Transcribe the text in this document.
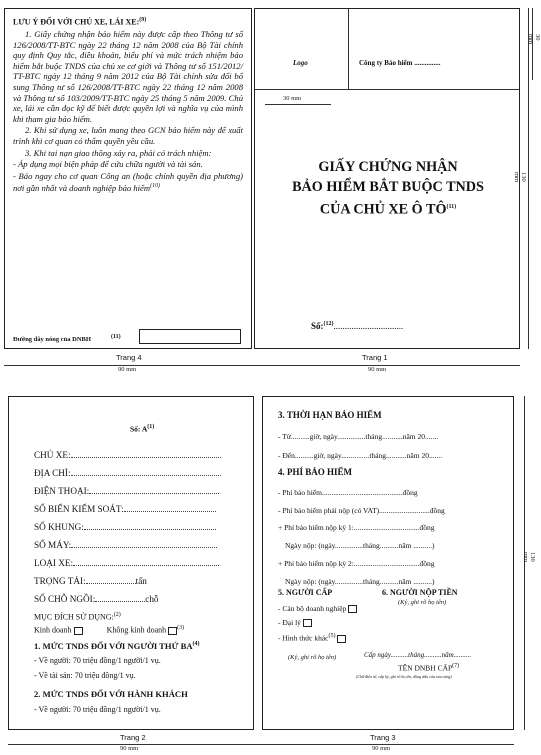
LƯU Ý ĐỐI VỚI CHỦ XE, LÁI XE:$^{(9)}$

1. Giấy chứng nhận bảo hiểm này được cấp theo Thông tư số 126/2008/TT-BTC ngày 22 tháng 12 năm 2008 của Bộ Tài chính quy định Quy tắc, điều khoản, biểu phí và mức trách nhiệm bảo hiểm bắt buộc TNDS của chủ xe cơ giới và Thông tư số 151/2012/ TT-BTC ngày 12 tháng 9 năm 2012 của Bộ Tài chính sửa đổi bổ sung Thông tư số 126/2008/TT-BTC ngày 22 tháng 12 năm 2008 và Thông tư số 103/2009/TT-BTC ngày 25 tháng 5 năm 2009. Chủ xe, lái xe cần đọc kỹ để biết được quyền lợi và nghĩa vụ của mình khi tham gia bảo hiểm.

2. Khi sử dụng xe, luôn mang theo GCN bảo hiểm này để xuất trình khi cơ quan có thẩm quyền yêu cầu.

3. Khi tai nạn giao thông xảy ra, phải có trách nhiệm:

- Áp dụng mọi biện pháp để cứu chữa người và tài sản.

- Báo ngay cho cơ quan Công an (hoặc chính quyền địa phương) nơi gần nhất và doanh nghiệp bảo hiểm$^{(10)}$

Đường dây nóng của DNBH	$^{(11)}$
Logo	Công ty Bảo hiểm ...............
30 mm
GIẤY CHỨNG NHẬN
BẢO HIỂM BẮT BUỘC TNDS
CỦA CHỦ XE Ô TÔ$^{(11)}$
Số:$^{(12)}$...............................
Trang 4	Trang 1
90 mm	90 mm
130 mm
30 mm
Số: $A^{(1)}$
CHỦ XE:
ĐỊA CHỈ:
ĐIỆN THOẠI:
SỐ BIỂN KIỂM SOÁT:
SỐ KHUNG:
SỐ MÁY:
LOẠI XE:
TRỌNG TẢI:	tấn
SỐ CHỖ NGỒI:	chỗ
MỤC ĐÍCH SỬ DỤNG:$^{(2)}$
Kinh doanh	Không kinh doanh $^{(3)}$
1. MỨC TNDS ĐỐI VỚI NGƯỜI THỨ BA$^{(4)}$
- Về người: 70 triệu đồng/1 người/1 vụ.
- Về tài sản: 70 triệu đồng/1 vụ.
2. MỨC TNDS ĐỐI VỚI HÀNH KHÁCH
- Về người: 70 triệu đồng/1 người/1 vụ.
3. THỜI HẠN BẢO HIỂM
- Từ..........giờ, ngày...............tháng...........năm 20.......
- Đến..........giờ, ngày...............tháng...........năm 20.......
4. PHÍ BẢO HIỂM
- Phí bảo hiểm...........................................đồng
- Phí bảo hiểm phải nộp (có VAT)...........................đồng
+ Phí bảo hiểm nộp kỳ 1:...................................đồng
Ngày nộp: (ngày...............tháng..........năm ..........)
+ Phí bảo hiểm nộp kỳ 2:...................................đồng
Ngày nộp: (ngày...............tháng..........năm ..........)
5. NGƯỜI CẤP	6. NGƯỜI NỘP TIỀN
(Ký, ghi rõ họ tên)
- Cán bộ doanh nghiệp
- Đại lý
- Hình thức khác$^{(5)}$
(Ký, ghi rõ họ tên)	Cấp ngày..........tháng..........năm..........
TÊN DNBH CẤP$^{(7)}$
(Chữ điện tử, cấp ký, ghi rõ họ tên, đóng dấu của sau cùng)
Trang 2	Trang 3
90 mm	90 mm
130 mm
